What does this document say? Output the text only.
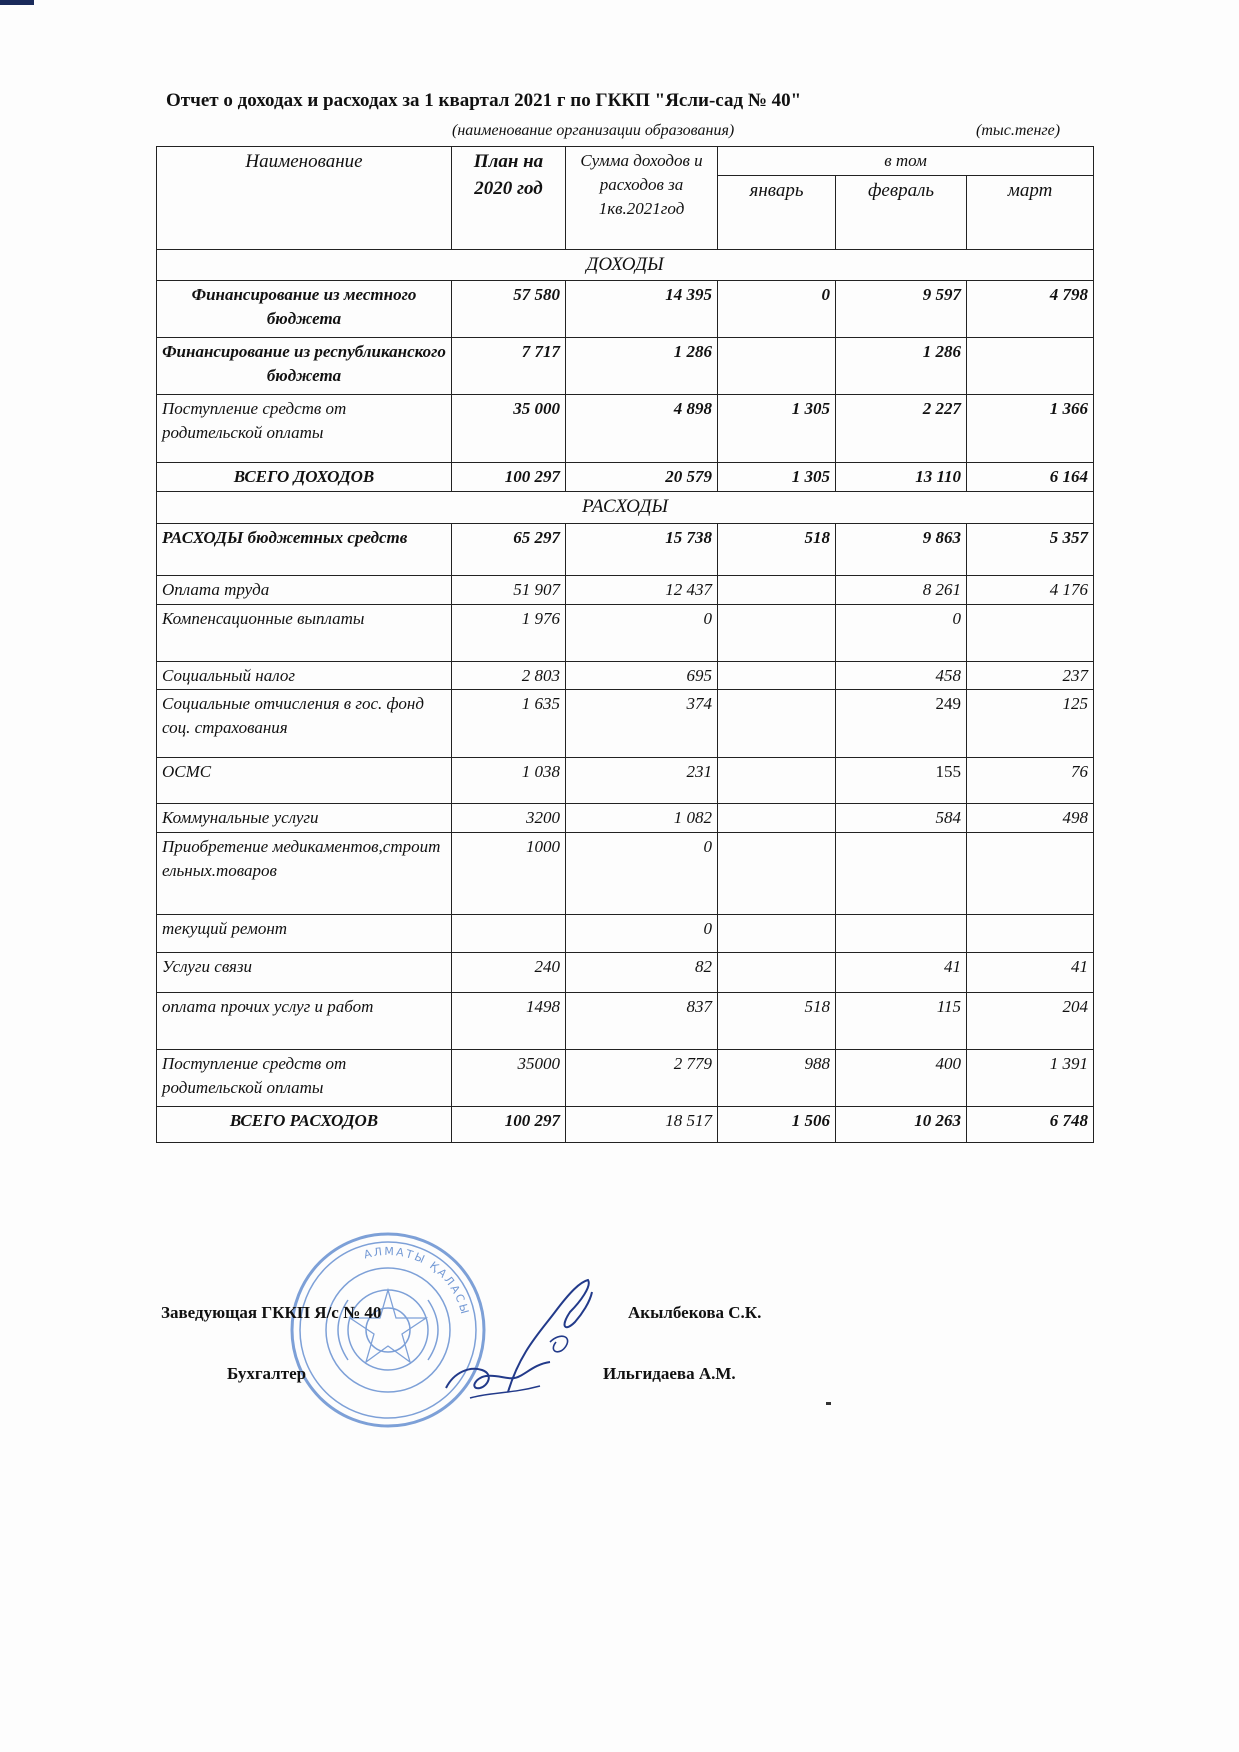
Отчет о доходах и расходах за 1 квартал 2021 г по ГККП "Ясли-сад № 40"
(наименование организации образования)	(тыс.тенге)
Наименование	План на 2020 год	Сумма доходов и расходов за 1кв.2021год	в том		
			январь	февраль	март
ДОХОДЫ					
Финансирование из местного бюджета	57 580	14 395	0	9 597	4 798
Финансирование из республиканского бюджета	7 717	1 286		1 286	
Поступление средств от родительской оплаты	35 000	4 898	1 305	2 227	1 366
ВСЕГО ДОХОДОВ	100 297	20 579	1 305	13 110	6 164
РАСХОДЫ					
РАСХОДЫ бюджетных средств	65 297	15 738	518	9 863	5 357
Оплата труда	51 907	12 437		8 261	4 176
Компенсационные выплаты	1 976	0		0	
Социальный налог	2 803	695		458	237
Социальные отчисления в гос. фонд соц. страхования	1 635	374		249	125
ОСМС	1 038	231		155	76
Коммунальные услуги	3200	1 082		584	498
Приобретение медикаментов,строительных.товаров	1000	0			
текущий ремонт		0			
Услуги связи	240	82		41	41
оплата прочих услуг и работ	1498	837	518	115	204
Поступление средств от родительской оплаты	35000	2 779	988	400	1 391
ВСЕГО РАСХОДОВ	100 297	18 517	1 506	10 263	6 748
АЛМАТЫ ҚАЛАСЫ
Заведующая ГККП Я/с № 40	Акылбекова С.К.
Бухгалтер	Ильгидаева А.М.
